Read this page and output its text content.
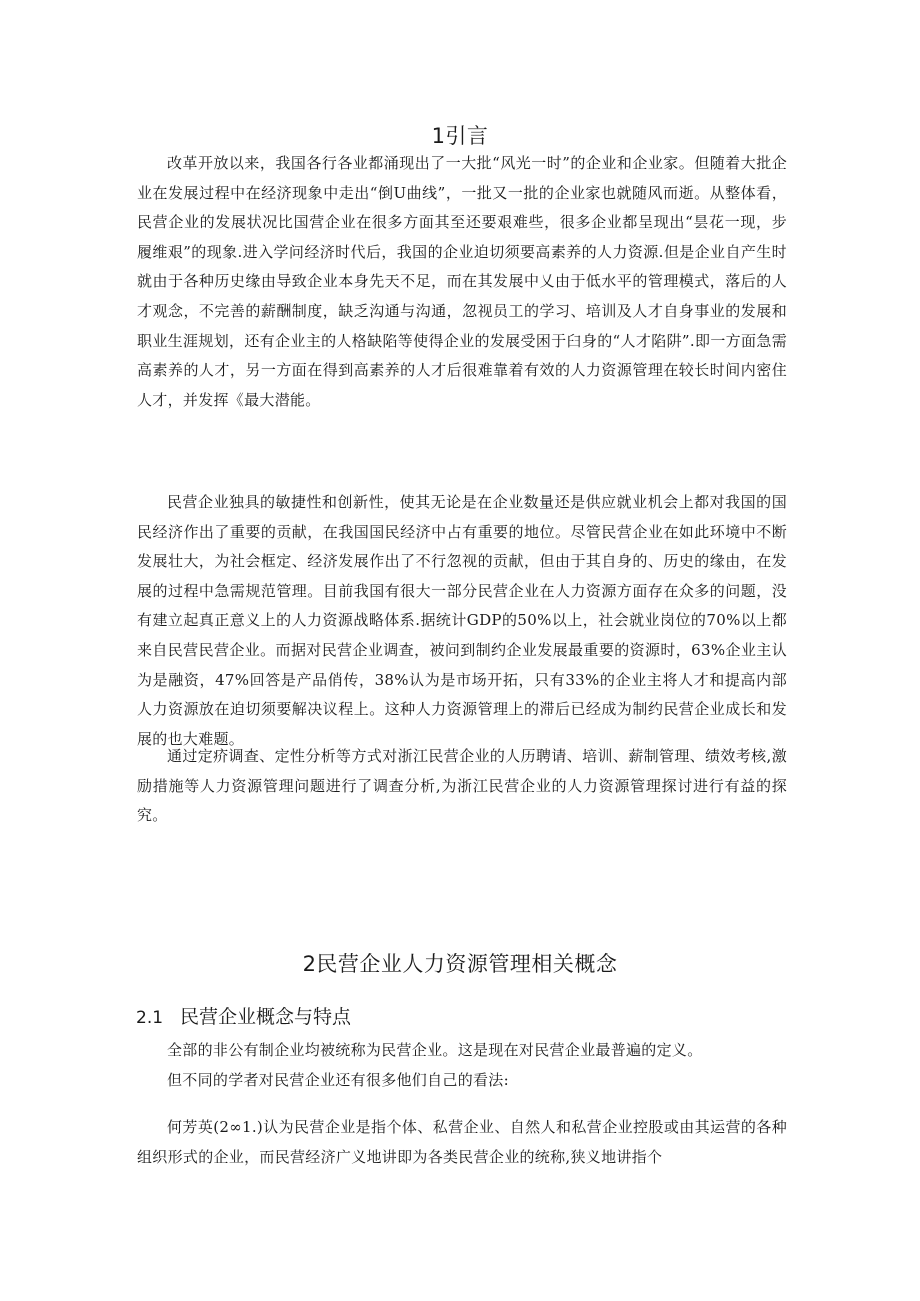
1引言

改革开放以来，我国各行各业都涌现出了一大批“风光一时”的企业和企业家。但随着大批企业在发展过程中在经济现象中走出“倒U曲线”，一批又一批的企业家也就随风而逝。从整体看，民营企业的发展状况比国营企业在很多方面其至还要艰难些，很多企业都呈现出“昙花一现，步履维艰”的现象.进入学问经济时代后，我国的企业迫切须要高素养的人力资源.但是企业自产生时就由于各种历史缘由导致企业本身先天不足，而在其发展中乂由于低水平的管理模式，落后的人才观念，不完善的薪酬制度，缺乏沟通与沟通，忽视员工的学习、培训及人才自身事业的发展和职业生涯规划，还有企业主的人格缺陷等使得企业的发展受困于臼身的“人才陷阱”.即一方面急需高素养的人才，另一方面在得到高素养的人才后很难靠着有效的人力资源管理在较长时间内密住人才，并发挥《最大潜能。

民营企业独具的敏捷性和创新性，使其无论是在企业数量还是供应就业机会上都对我国的国民经济作出了重要的贡献，在我国国民经济中占有重要的地位。尽管民营企业在如此环境中不断发展壮大，为社会框定、经济发展作出了不行忽视的贡献，但由于其自身的、历史的缘由，在发展的过程中急需规范管理。目前我国有很大一部分民营企业在人力资源方面存在众多的问题，没有建立起真正意义上的人力资源战略体系.据统计GDP的50%以上，社会就业岗位的70%以上都来自民营民营企业。而据对民营企业调查，被问到制约企业发展最重要的资源时，63%企业主认为是融资，47%回答是产品俏传，38%认为是市场开拓，只有33%的企业主将人才和提高内部人力资源放在迫切须要解决议程上。这种人力资源管理上的滞后已经成为制约民营企业成长和发展的也大难题。

通过定疥调查、定性分析等方式对浙江民营企业的人历聘请、培训、薪制管理、绩效考核,激励措施等人力资源管理问题进行了调查分析,为浙江民营企业的人力资源管理探讨进行有益的探究。

2民营企业人力资源管理相关概念
2.1 民营企业概念与特点

全部的非公有制企业均被统称为民营企业。这是现在对民营企业最普遍的定义。

但不同的学者对民营企业还有很多他们自己的看法:

何芳英(2∞1.)认为民营企业是指个体、私营企业、自然人和私营企业控股或由其运营的各种组织形式的企业，而民营经济广义地讲即为各类民营企业的统称,狭义地讲指个
